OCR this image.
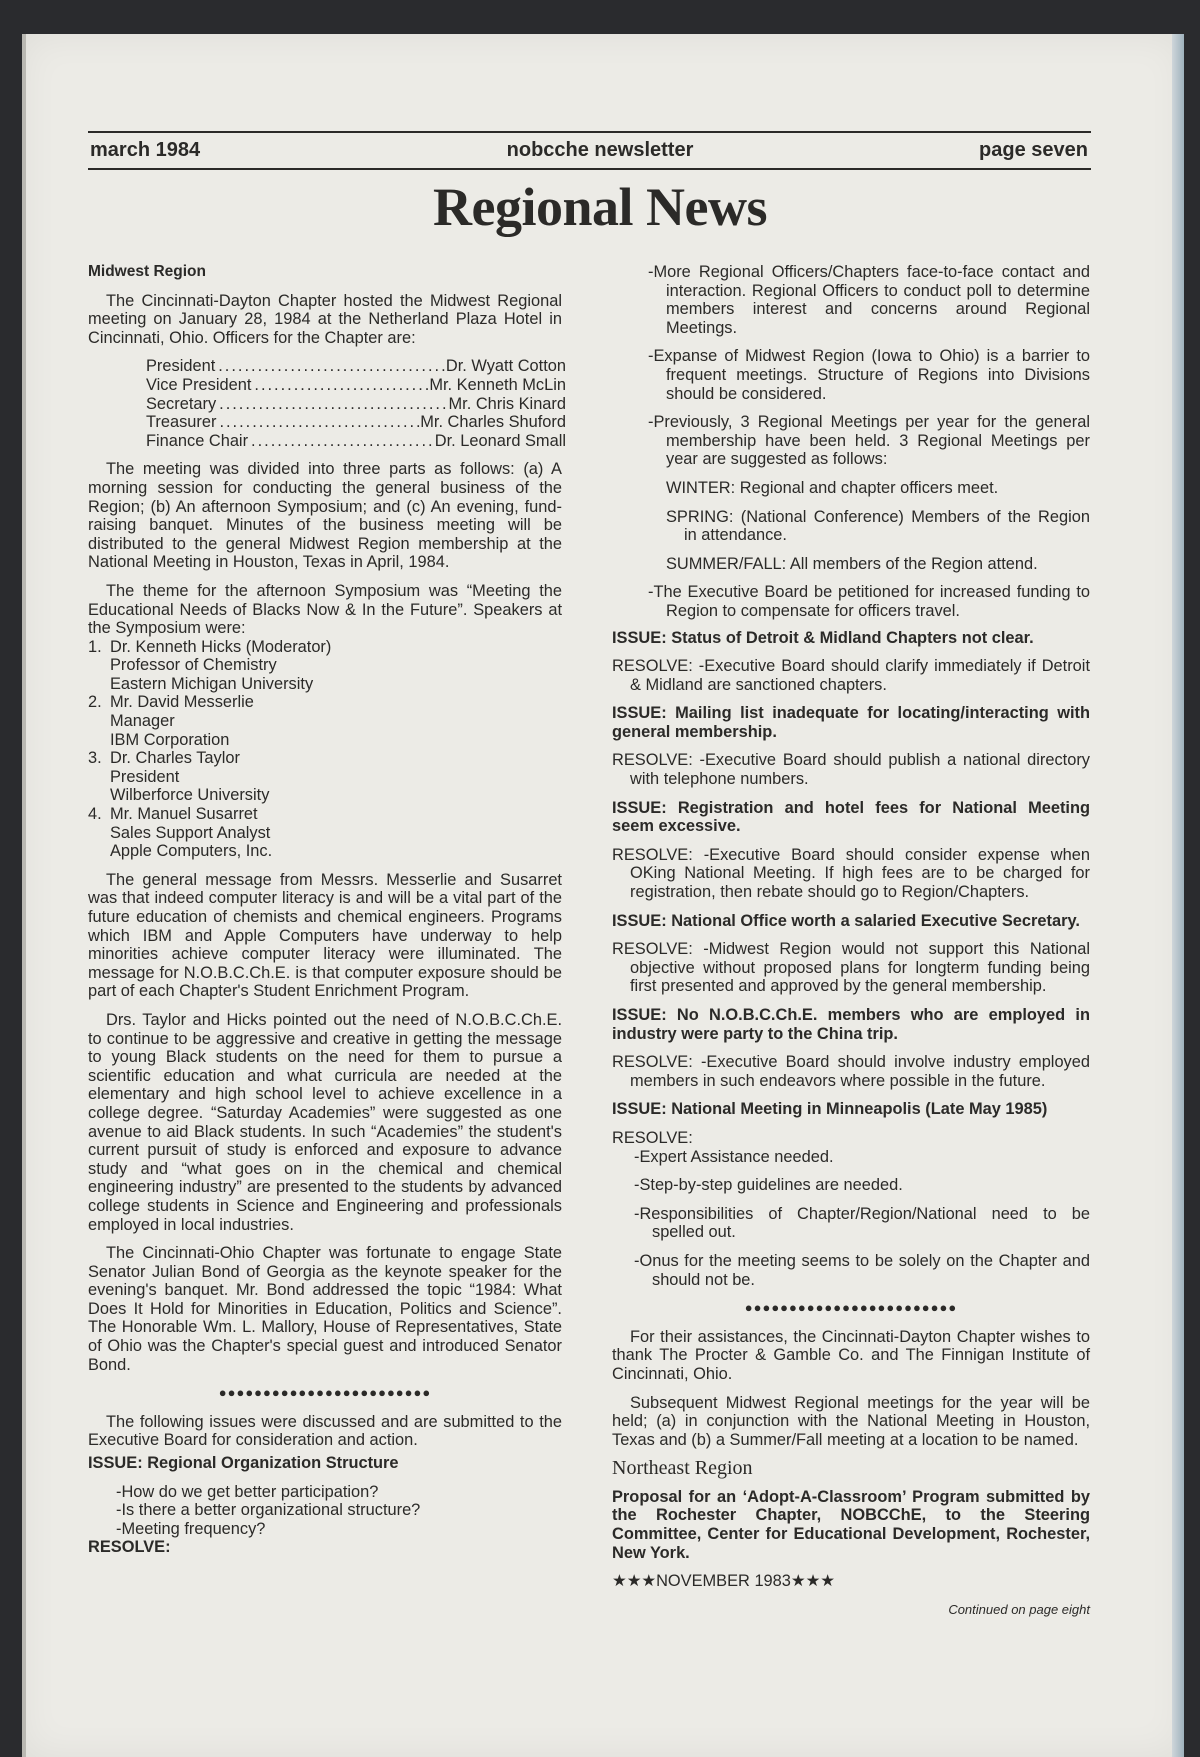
march 1984	nobcche newsletter	page seven
Regional News

Midwest Region

The Cincinnati-Dayton Chapter hosted the Midwest Regional meeting on January 28, 1984 at the Netherland Plaza Hotel in Cincinnati, Ohio. Officers for the Chapter are:

President .....	Dr. Wyatt Cotton
Vice President .....	Mr. Kenneth McLin
Secretary .....	Mr. Chris Kinard
Treasurer .....	Mr. Charles Shuford
Finance Chair .....	Dr. Leonard Small

The meeting was divided into three parts as follows: (a) A morning session for conducting the general business of the Region; (b) An afternoon Symposium; and (c) An evening, fund-raising banquet. Minutes of the business meeting will be distributed to the general Midwest Region membership at the National Meeting in Houston, Texas in April, 1984.

The theme for the afternoon Symposium was “Meeting the Educational Needs of Blacks Now & In the Future”. Speakers at the Symposium were:

1. Dr. Kenneth Hicks (Moderator)
Professor of Chemistry
Eastern Michigan University
2. Mr. David Messerlie
Manager
IBM Corporation
3. Dr. Charles Taylor
President
Wilberforce University
4. Mr. Manuel Susarret
Sales Support Analyst
Apple Computers, Inc.

The general message from Messrs. Messerlie and Susarret was that indeed computer literacy is and will be a vital part of the future education of chemists and chemical engineers. Programs which IBM and Apple Computers have underway to help minorities achieve computer literacy were illuminated. The message for N.O.B.C.Ch.E. is that computer exposure should be part of each Chapter's Student Enrichment Program.

Drs. Taylor and Hicks pointed out the need of N.O.B.C.Ch.E. to continue to be aggressive and creative in getting the message to young Black students on the need for them to pursue a scientific education and what curricula are needed at the elementary and high school level to achieve excellence in a college degree. “Saturday Academies” were suggested as one avenue to aid Black students. In such “Academies” the student's current pursuit of study is enforced and exposure to advance study and “what goes on in the chemical and chemical engineering industry” are presented to the students by advanced college students in Science and Engineering and professionals employed in local industries.

The Cincinnati-Ohio Chapter was fortunate to engage State Senator Julian Bond of Georgia as the keynote speaker for the evening's banquet. Mr. Bond addressed the topic “1984: What Does It Hold for Minorities in Education, Politics and Science”. The Honorable Wm. L. Mallory, House of Representatives, State of Ohio was the Chapter's special guest and introduced Senator Bond.

●●●●●●●●●●●●●●●●●●●●●●●●

The following issues were discussed and are submitted to the Executive Board for consideration and action.

ISSUE: Regional Organization Structure

-How do we get better participation?
-Is there a better organizational structure?
-Meeting frequency?
RESOLVE:

-More Regional Officers/Chapters face-to-face contact and interaction. Regional Officers to conduct poll to determine members interest and concerns around Regional Meetings.

-Expanse of Midwest Region (Iowa to Ohio) is a barrier to frequent meetings. Structure of Regions into Divisions should be considered.

-Previously, 3 Regional Meetings per year for the general membership have been held. 3 Regional Meetings per year are suggested as follows:

WINTER: Regional and chapter officers meet.

SPRING: (National Conference) Members of the Region in attendance.

SUMMER/FALL: All members of the Region attend.

-The Executive Board be petitioned for increased funding to Region to compensate for officers travel.

ISSUE: Status of Detroit & Midland Chapters not clear.

RESOLVE: -Executive Board should clarify immediately if Detroit & Midland are sanctioned chapters.

ISSUE: Mailing list inadequate for locating/interacting with general membership.

RESOLVE: -Executive Board should publish a national directory with telephone numbers.

ISSUE: Registration and hotel fees for National Meeting seem excessive.

RESOLVE: -Executive Board should consider expense when OKing National Meeting. If high fees are to be charged for registration, then rebate should go to Region/Chapters.

ISSUE: National Office worth a salaried Executive Secretary.

RESOLVE: -Midwest Region would not support this National objective without proposed plans for longterm funding being first presented and approved by the general membership.

ISSUE: No N.O.B.C.Ch.E. members who are employed in industry were party to the China trip.

RESOLVE: -Executive Board should involve industry employed members in such endeavors where possible in the future.

ISSUE: National Meeting in Minneapolis (Late May 1985)

RESOLVE:

-Expert Assistance needed.

-Step-by-step guidelines are needed.

-Responsibilities of Chapter/Region/National need to be spelled out.

-Onus for the meeting seems to be solely on the Chapter and should not be.

●●●●●●●●●●●●●●●●●●●●●●●●

For their assistances, the Cincinnati-Dayton Chapter wishes to thank The Procter & Gamble Co. and The Finnigan Institute of Cincinnati, Ohio.

Subsequent Midwest Regional meetings for the year will be held; (a) in conjunction with the National Meeting in Houston, Texas and (b) a Summer/Fall meeting at a location to be named.

Northeast Region

Proposal for an ‘Adopt-A-Classroom’ Program submitted by the Rochester Chapter, NOBCChE, to the Steering Committee, Center for Educational Development, Rochester, New York.

★★★NOVEMBER 1983★★★

Continued on page eight
